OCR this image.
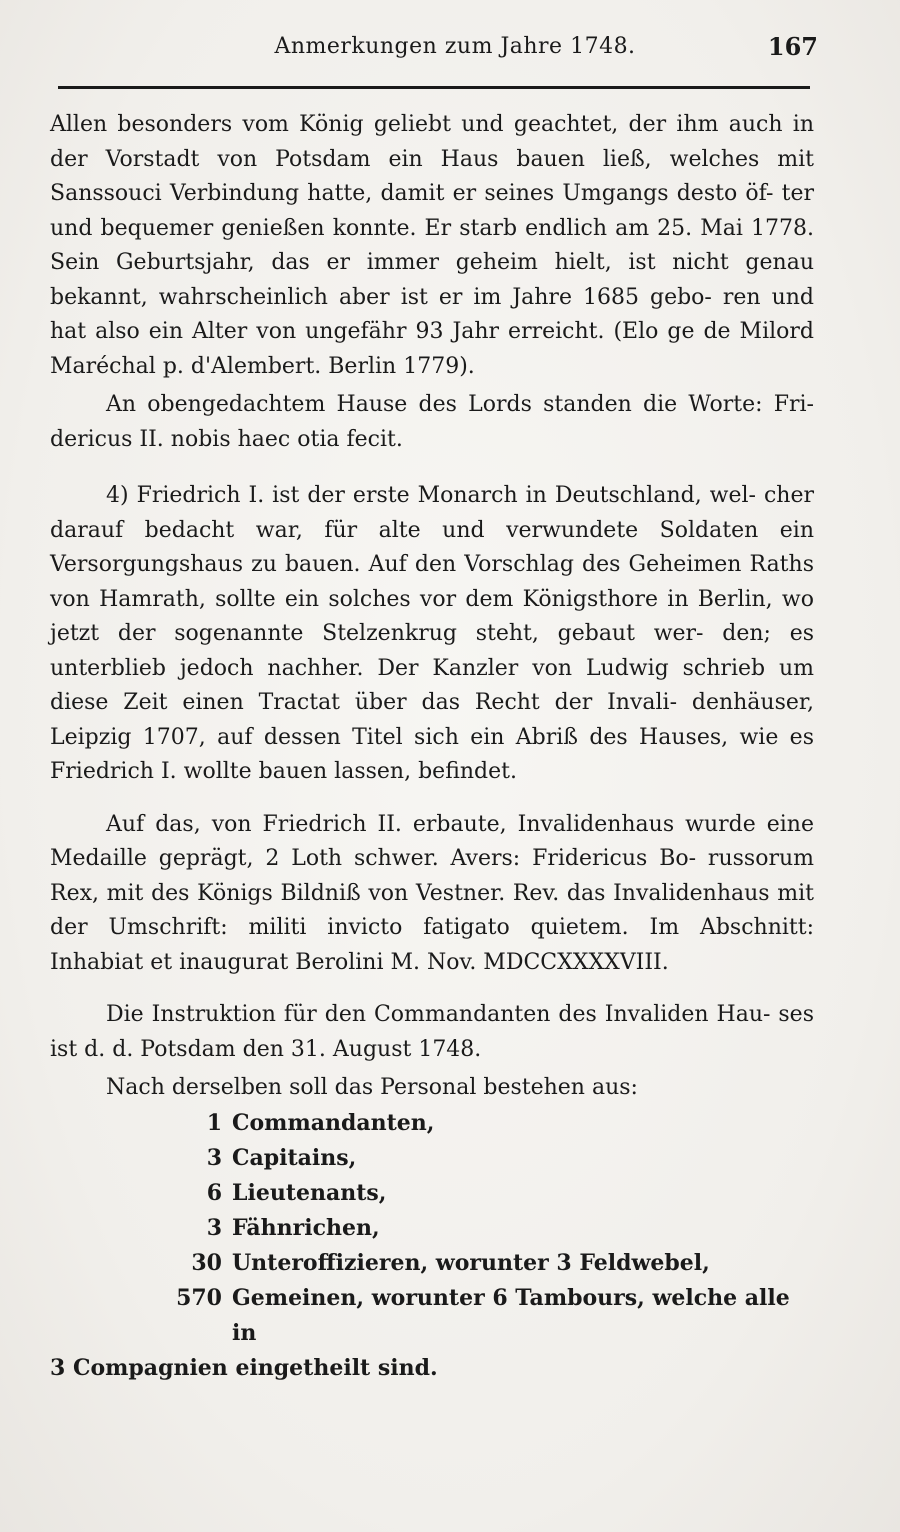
Anmerkungen zum Jahre 1748.	167

Allen besonders vom König geliebt und geachtet, der ihm auch in der Vorstadt von Potsdam ein Haus bauen ließ, welches mit Sanssouci Verbindung hatte, damit er seines Umgangs desto öf- ter und bequemer genießen konnte. Er starb endlich am 25. Mai 1778. Sein Geburtsjahr, das er immer geheim hielt, ist nicht genau bekannt, wahrscheinlich aber ist er im Jahre 1685 gebo- ren und hat also ein Alter von ungefähr 93 Jahr erreicht. (Elo ge de Milord Maréchal p. d'Alembert. Berlin 1779).

An obengedachtem Hause des Lords standen die Worte: Fri- dericus II. nobis haec otia fecit.

4) Friedrich I. ist der erste Monarch in Deutschland, wel- cher darauf bedacht war, für alte und verwundete Soldaten ein Versorgungshaus zu bauen. Auf den Vorschlag des Geheimen Raths von Hamrath, sollte ein solches vor dem Königsthore in Berlin, wo jetzt der sogenannte Stelzenkrug steht, gebaut wer- den; es unterblieb jedoch nachher. Der Kanzler von Ludwig schrieb um diese Zeit einen Tractat über das Recht der Invali- denhäuser, Leipzig 1707, auf dessen Titel sich ein Abriß des Hauses, wie es Friedrich I. wollte bauen lassen, befindet.

Auf das, von Friedrich II. erbaute, Invalidenhaus wurde eine Medaille geprägt, 2 Loth schwer. Avers: Fridericus Bo- russorum Rex, mit des Königs Bildniß von Vestner. Rev. das Invalidenhaus mit der Umschrift: militi invicto fatigato quietem. Im Abschnitt: Inhabiat et inaugurat Berolini M. Nov. MDCCXXXXVIII.

Die Instruktion für den Commandanten des Invaliden Hau- ses ist d. d. Potsdam den 31. August 1748.

Nach derselben soll das Personal bestehen aus:

1 Commandanten,
3 Capitains,
6 Lieutenants,
3 Fähnrichen,
30 Unteroffizieren, worunter 3 Feldwebel,
570 Gemeinen, worunter 6 Tambours, welche alle in

3 Compagnien eingetheilt sind.
